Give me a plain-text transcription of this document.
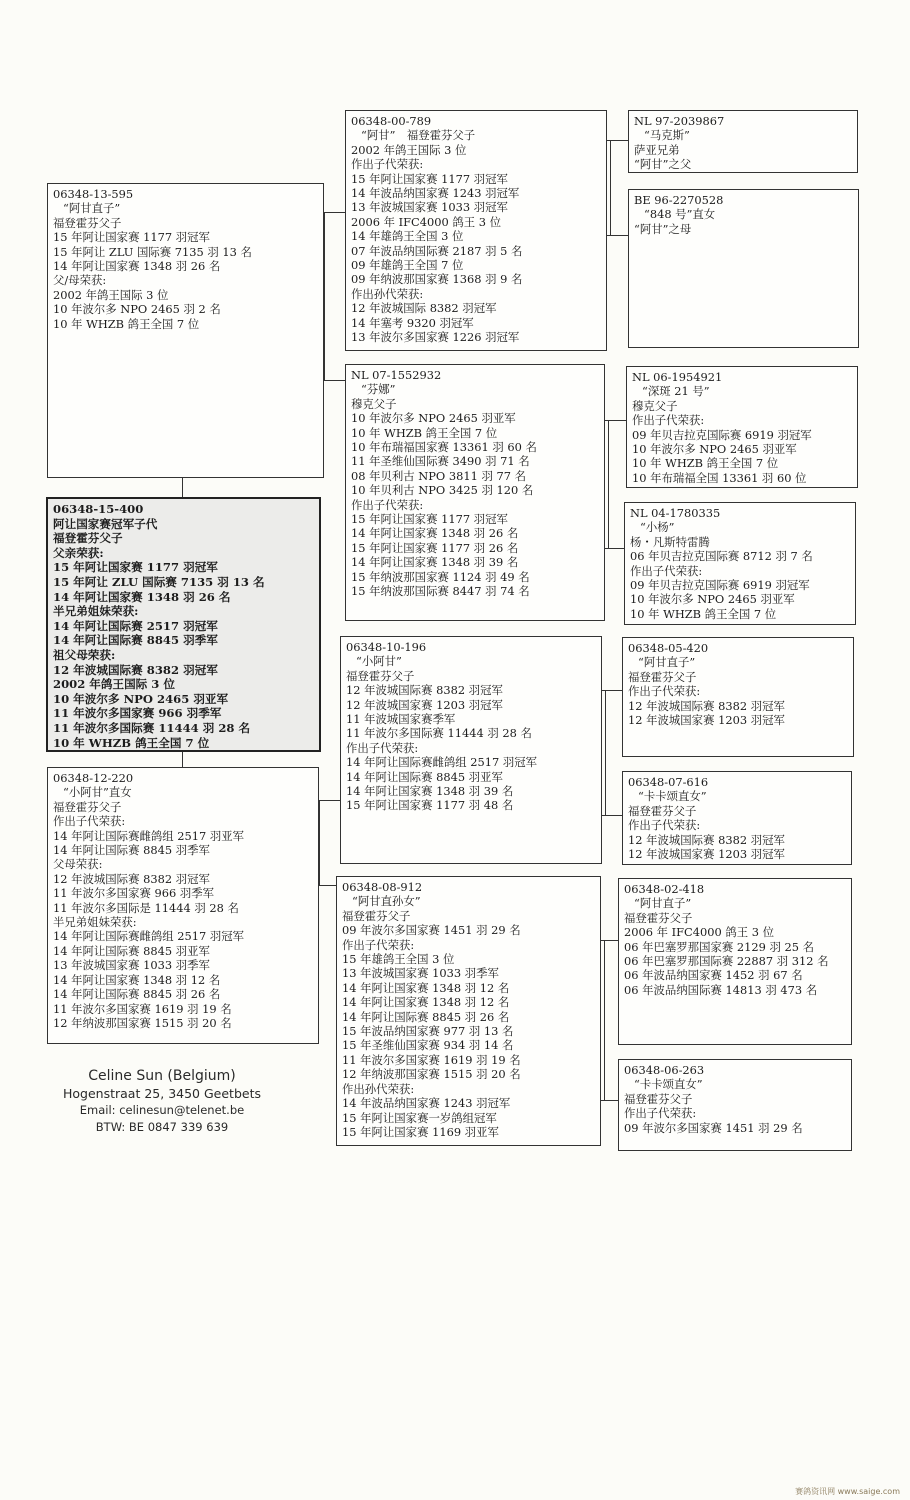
06348-13-595
“阿甘直子”
福登霍芬父子
15 年阿让国家赛 1177 羽冠军
15 年阿让 ZLU 国际赛 7135 羽 13 名
14 年阿让国家赛 1348 羽 26 名
父/母荣获:
2002 年鸽王国际 3 位
10 年波尔多 NPO 2465 羽 2 名
10 年 WHZB 鸽王全国 7 位
06348-15-400
阿让国家赛冠军子代
福登霍芬父子
父亲荣获:
15 年阿让国家赛 1177 羽冠军
15 年阿让 ZLU 国际赛 7135 羽 13 名
14 年阿让国家赛 1348 羽 26 名
半兄弟姐妹荣获:
14 年阿让国际赛 2517 羽冠军
14 年阿让国际赛 8845 羽季军
祖父母荣获:
12 年波城国际赛 8382 羽冠军
2002 年鸽王国际 3 位
10 年波尔多 NPO 2465 羽亚军
11 年波尔多国家赛 966 羽季军
11 年波尔多国际赛 11444 羽 28 名
10 年 WHZB 鸽王全国 7 位
06348-12-220
“小阿甘”直女
福登霍芬父子
作出子代荣获:
14 年阿让国际赛雌鸽组 2517 羽亚军
14 年阿让国际赛 8845 羽季军
父母荣获:
12 年波城国际赛 8382 羽冠军
11 年波尔多国家赛 966 羽季军
11 年波尔多国际是 11444 羽 28 名
半兄弟姐妹荣获:
14 年阿让国际赛雌鸽组 2517 羽冠军
14 年阿让国际赛 8845 羽亚军
13 年波城国家赛 1033 羽季军
14 年阿让国家赛 1348 羽 12 名
14 年阿让国际赛 8845 羽 26 名
11 年波尔多国家赛 1619 羽 19 名
12 年纳波那国家赛 1515 羽 20 名
06348-00-789
“阿甘”　福登霍芬父子
2002 年鸽王国际 3 位
作出子代荣获:
15 年阿让国家赛 1177 羽冠军
14 年波品纳国家赛 1243 羽冠军
13 年波城国家赛 1033 羽冠军
2006 年 IFC4000 鸽王 3 位
14 年雄鸽王全国 3 位
07 年波品纳国际赛 2187 羽 5 名
09 年雄鸽王全国 7 位
09 年纳波那国家赛 1368 羽 9 名
作出孙代荣获:
12 年波城国际 8382 羽冠军
14 年塞考 9320 羽冠军
13 年波尔多国家赛 1226 羽冠军
NL 07-1552932
“芬娜”
穆克父子
10 年波尔多 NPO 2465 羽亚军
10 年 WHZB 鸽王全国 7 位
10 年布瑞福国家赛 13361 羽 60 名
11 年圣维仙国际赛 3490 羽 71 名
08 年贝利古 NPO 3811 羽 77 名
10 年贝利古 NPO 3425 羽 120 名
作出子代荣获:
15 年阿让国家赛 1177 羽冠军
14 年阿让国家赛 1348 羽 26 名
15 年阿让国家赛 1177 羽 26 名
14 年阿让国家赛 1348 羽 39 名
15 年纳波那国家赛 1124 羽 49 名
15 年纳波那国际赛 8447 羽 74 名
06348-10-196
“小阿甘”
福登霍芬父子
12 年波城国际赛 8382 羽冠军
12 年波城国家赛 1203 羽冠军
11 年波城国家赛季军
11 年波尔多国际赛 11444 羽 28 名
作出子代荣获:
14 年阿让国际赛雌鸽组 2517 羽冠军
14 年阿让国际赛 8845 羽亚军
14 年阿让国家赛 1348 羽 39 名
15 年阿让国家赛 1177 羽 48 名
06348-08-912
“阿甘直孙女”
福登霍芬父子
09 年波尔多国家赛 1451 羽 29 名
作出子代荣获:
15 年雄鸽王全国 3 位
13 年波城国家赛 1033 羽季军
14 年阿让国家赛 1348 羽 12 名
14 年阿让国家赛 1348 羽 12 名
14 年阿让国际赛 8845 羽 26 名
15 年波品纳国家赛 977 羽 13 名
15 年圣维仙国家赛 934 羽 14 名
11 年波尔多国家赛 1619 羽 19 名
12 年纳波那国家赛 1515 羽 20 名
作出孙代荣获:
14 年波品纳国家赛 1243 羽冠军
15 年阿让国家赛一岁鸽组冠军
15 年阿让国家赛 1169 羽亚军
NL 97-2039867
“马克斯”
萨亚兄弟
“阿甘”之父
BE 96-2270528
“848 号”直女
“阿甘”之母
NL 06-1954921
“深斑 21 号”
穆克父子
作出子代荣获:
09 年贝吉拉克国际赛 6919 羽冠军
10 年波尔多 NPO 2465 羽亚军
10 年 WHZB 鸽王全国 7 位
10 年布瑞福全国 13361 羽 60 位
NL 04-1780335
“小杨”
杨・凡斯特雷腾
06 年贝吉拉克国际赛 8712 羽 7 名
作出子代荣获:
09 年贝吉拉克国际赛 6919 羽冠军
10 年波尔多 NPO 2465 羽亚军
10 年 WHZB 鸽王全国 7 位
06348-05-420
“阿甘直子”
福登霍芬父子
作出子代荣获:
12 年波城国际赛 8382 羽冠军
12 年波城国家赛 1203 羽冠军
06348-07-616
“卡卡颂直女”
福登霍芬父子
作出子代荣获:
12 年波城国际赛 8382 羽冠军
12 年波城国家赛 1203 羽冠军
06348-02-418
“阿甘直子”
福登霍芬父子
2006 年 IFC4000 鸽王 3 位
06 年巴塞罗那国家赛 2129 羽 25 名
06 年巴塞罗那国际赛 22887 羽 312 名
06 年波品纳国家赛 1452 羽 67 名
06 年波品纳国际赛 14813 羽 473 名
06348-06-263
“卡卡颂直女”
福登霍芬父子
作出子代荣获:
09 年波尔多国家赛 1451 羽 29 名
Celine Sun (Belgium)
Hogenstraat 25, 3450 Geetbets
Email: celinesun@telenet.be
BTW: BE 0847 339 639
赛鸽资讯网 www.saige.com
